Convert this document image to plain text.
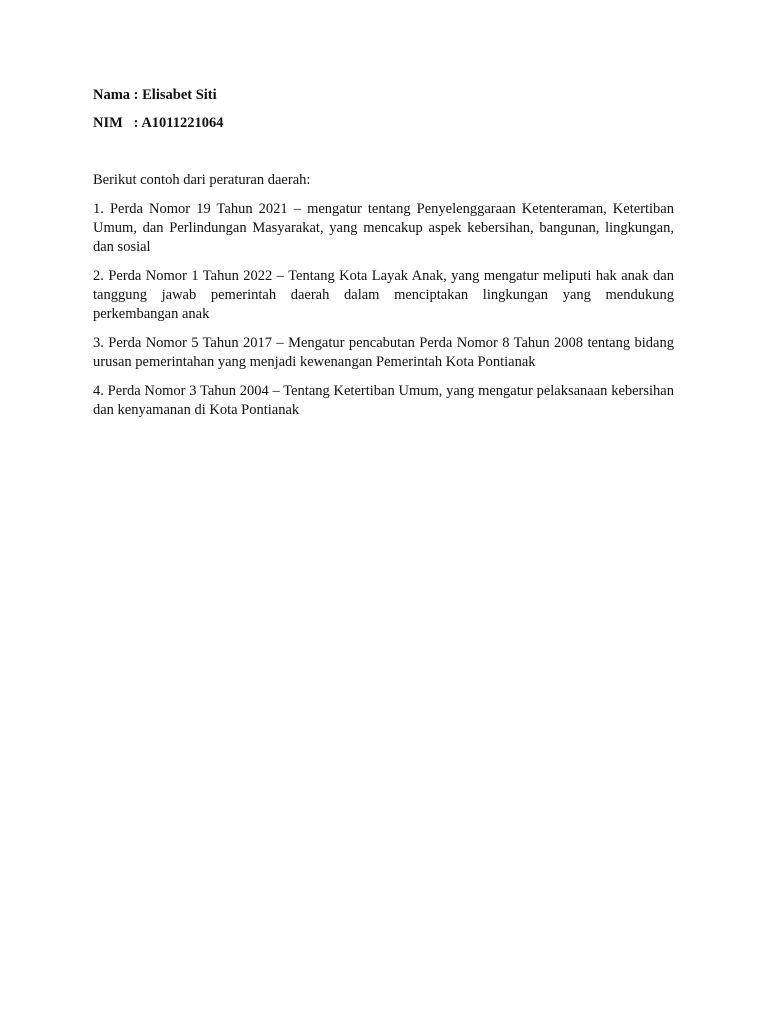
Nama : Elisabet Siti

NIM   : A1011221064

Berikut contoh dari peraturan daerah:

1. Perda Nomor 19 Tahun 2021 – mengatur tentang Penyelenggaraan Ketenteraman, Ketertiban Umum, dan Perlindungan Masyarakat, yang mencakup aspek kebersihan, bangunan, lingkungan, dan sosial

2. Perda Nomor 1 Tahun 2022 – Tentang Kota Layak Anak, yang mengatur meliputi hak anak dan tanggung jawab pemerintah daerah dalam menciptakan lingkungan yang mendukung perkembangan anak

3. Perda Nomor 5 Tahun 2017 – Mengatur pencabutan Perda Nomor 8 Tahun 2008 tentang bidang urusan pemerintahan yang menjadi kewenangan Pemerintah Kota Pontianak

4. Perda Nomor 3 Tahun 2004 – Tentang Ketertiban Umum, yang mengatur pelaksanaan kebersihan dan kenyamanan di Kota Pontianak
